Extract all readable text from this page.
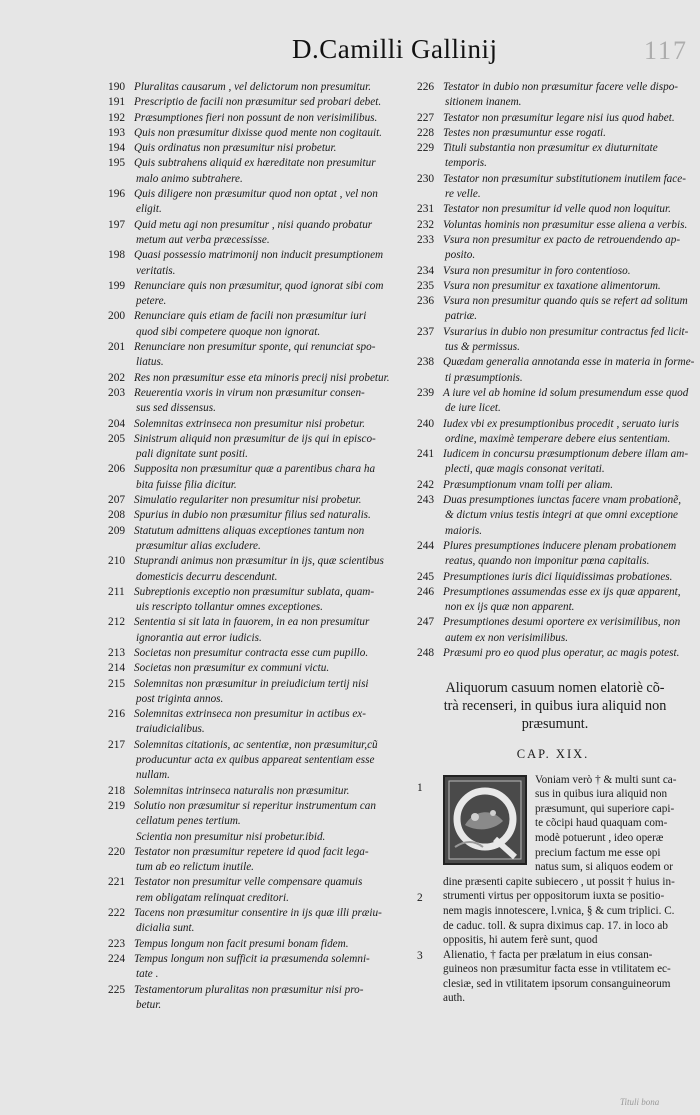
117
D.Camilli Gallinij
190 Pluralitas causarum , vel delictorum non presumitur.
191 Prescriptio de facili non præsumitur sed probari debet.
192 Præsumptiones fieri non possunt de non verisimilibus.
193 Quis non præsumitur dixisse quod mente non cogitauit.
194 Quis ordinatus non præsumitur nisi probetur.
195 Quis subtrahens aliquid ex hæreditate non presumitur
malo animo subtrahere.
196 Quis diligere non præsumitur quod non optat , vel non
eligit.
197 Quid metu agi non presumitur , nisi quando probatur
metum aut verba præcessisse.
198 Quasi possessio matrimonij non inducit presumptionem
veritatis.
199 Renunciare quis non præsumitur, quod ignorat sibi com
petere.
200 Renunciare quis etiam de facili non præsumitur iuri
quod sibi competere quoque non ignorat.
201 Renunciare non presumitur sponte, qui renunciat spo-
liatus.
202 Res non præsumitur esse eta minoris precij nisi probetur.
203 Reuerentia vxoris in virum non præsumitur consen-
sus sed dissensus.
204 Solemnitas extrinseca non presumitur nisi probetur.
205 Sinistrum aliquid non præsumitur de ijs qui in episco-
pali dignitate sunt positi.
206 Supposita non præsumitur quæ a parentibus chara ha
bita fuisse filia dicitur.
207 Simulatio regulariter non presumitur nisi probetur.
208 Spurius in dubio non præsumitur filius sed naturalis.
209 Statutum admittens aliquas exceptiones tantum non
præsumitur alias excludere.
210 Stuprandi animus non præsumitur in ijs, quæ scientibus
domesticis decurru descendunt.
211 Subreptionis exceptio non præsumitur sublata, quam-
uis rescripto tollantur omnes exceptiones.
212 Sententia si sit lata in fauorem, in ea non presumitur
ignorantia aut error iudicis.
213 Societas non presumitur contracta esse cum pupillo.
214 Societas non præsumitur ex communi victu.
215 Solemnitas non præsumitur in preiudicium tertij nisi
post triginta annos.
216 Solemnitas extrinseca non presumitur in actibus ex-
traiudicialibus.
217 Solemnitas citationis, ac sententiæ, non præsumitur,cũ
producuntur acta ex quibus appareat sententiam esse
nullam.
218 Solemnitas intrinseca naturalis non præsumitur.
219 Solutio non præsumitur si reperitur instrumentum can
cellatum penes tertium.
Scientia non presumitur nisi probetur.ibid.
220 Testator non præsumitur repetere id quod facit lega-
tum ab eo relictum inutile.
221 Testator non presumitur velle compensare quamuis
rem obligatam relinquat creditori.
222 Tacens non præsumitur consentire in ijs quæ illi præiu-
dicialia sunt.
223 Tempus longum non facit presumi bonam fidem.
224 Tempus longum non sufficit ia præsumenda solemni-
tate .
225 Testamentorum pluralitas non præsumitur nisi pro-
betur.
226 Testator in dubio non præsumitur facere velle dispo-
sitionem inanem.
227 Testator non præsumitur legare nisi ius quod habet.
228 Testes non præsumuntur esse rogati.
229 Tituli substantia non præsumitur ex diuturnitate
temporis.
230 Testator non præsumitur substitutionem inutilem face-
re velle.
231 Testator non presumitur id velle quod non loquitur.
232 Voluntas hominis non præsumitur esse aliena a verbis.
233 Vsura non presumitur ex pacto de retrouendendo ap-
posito.
234 Vsura non presumitur in foro contentioso.
235 Vsura non presumitur ex taxatione alimentorum.
236 Vsura non presumitur quando quis se refert ad solitum
patriæ.
237 Vsurarius in dubio non presumitur contractus fed licit-
tus & permissus.
238 Quædam generalia annotanda esse in materia in forme-
ti præsumptionis.
239 A iure vel ab homine id solum presumendum esse quod
de iure licet.
240 Iudex vbi ex presumptionibus procedit , seruato iuris
ordine, maximè temperare debere eius sententiam.
241 Iudicem in concursu præsumptionum debere illam am-
plecti, quæ magis consonat veritati.
242 Præsumptionum vnam tolli per aliam.
243 Duas presumptiones iunctas facere vnam probationẽ,
& dictum vnius testis integri at que omni exceptione
maioris.
244 Plures presumptiones inducere plenam probationem
reatus, quando non imponitur pœna capitalis.
245 Presumptiones iuris dici liquidissimas probationes.
246 Presumptiones assumendas esse ex ijs quæ apparent,
non ex ijs quæ non apparent.
247 Presumptiones desumi oportere ex verisimilibus, non
autem ex non verisimilibus.
248 Præsumi pro eo quod plus operatur, ac magis potest.
Aliquorum casuum nomen elatoriè cõ-
trà recenseri, in quibus iura aliquid non
præsumunt.
CAP. XIX.
1
Voniam verò † & multi sunt ca-
sus in quibus iura aliquid non
præsumunt, qui superiore capi-
te cõcipi haud quaquam com-
modè potuerunt , ideo operæ
precium factum me esse opi
natus sum, si aliquos eodem or
dine præsenti capite subiecero , ut possit † huius in-
strumenti virtus per oppositorum iuxta se positio-
nem magis innotescere, l.vnica, § & cum triplici. C.
de caduc. toll. & supra diximus cap. 17. in loco ab
oppositis, hi autem ferè sunt, quod
Alienatio, † facta per prælatum in eius consan-
guineos non præsumitur facta esse in vtilitatem ec-
clesiæ, sed in vtilitatem ipsorum consanguineorum
auth.
2
3
Tituli bona
